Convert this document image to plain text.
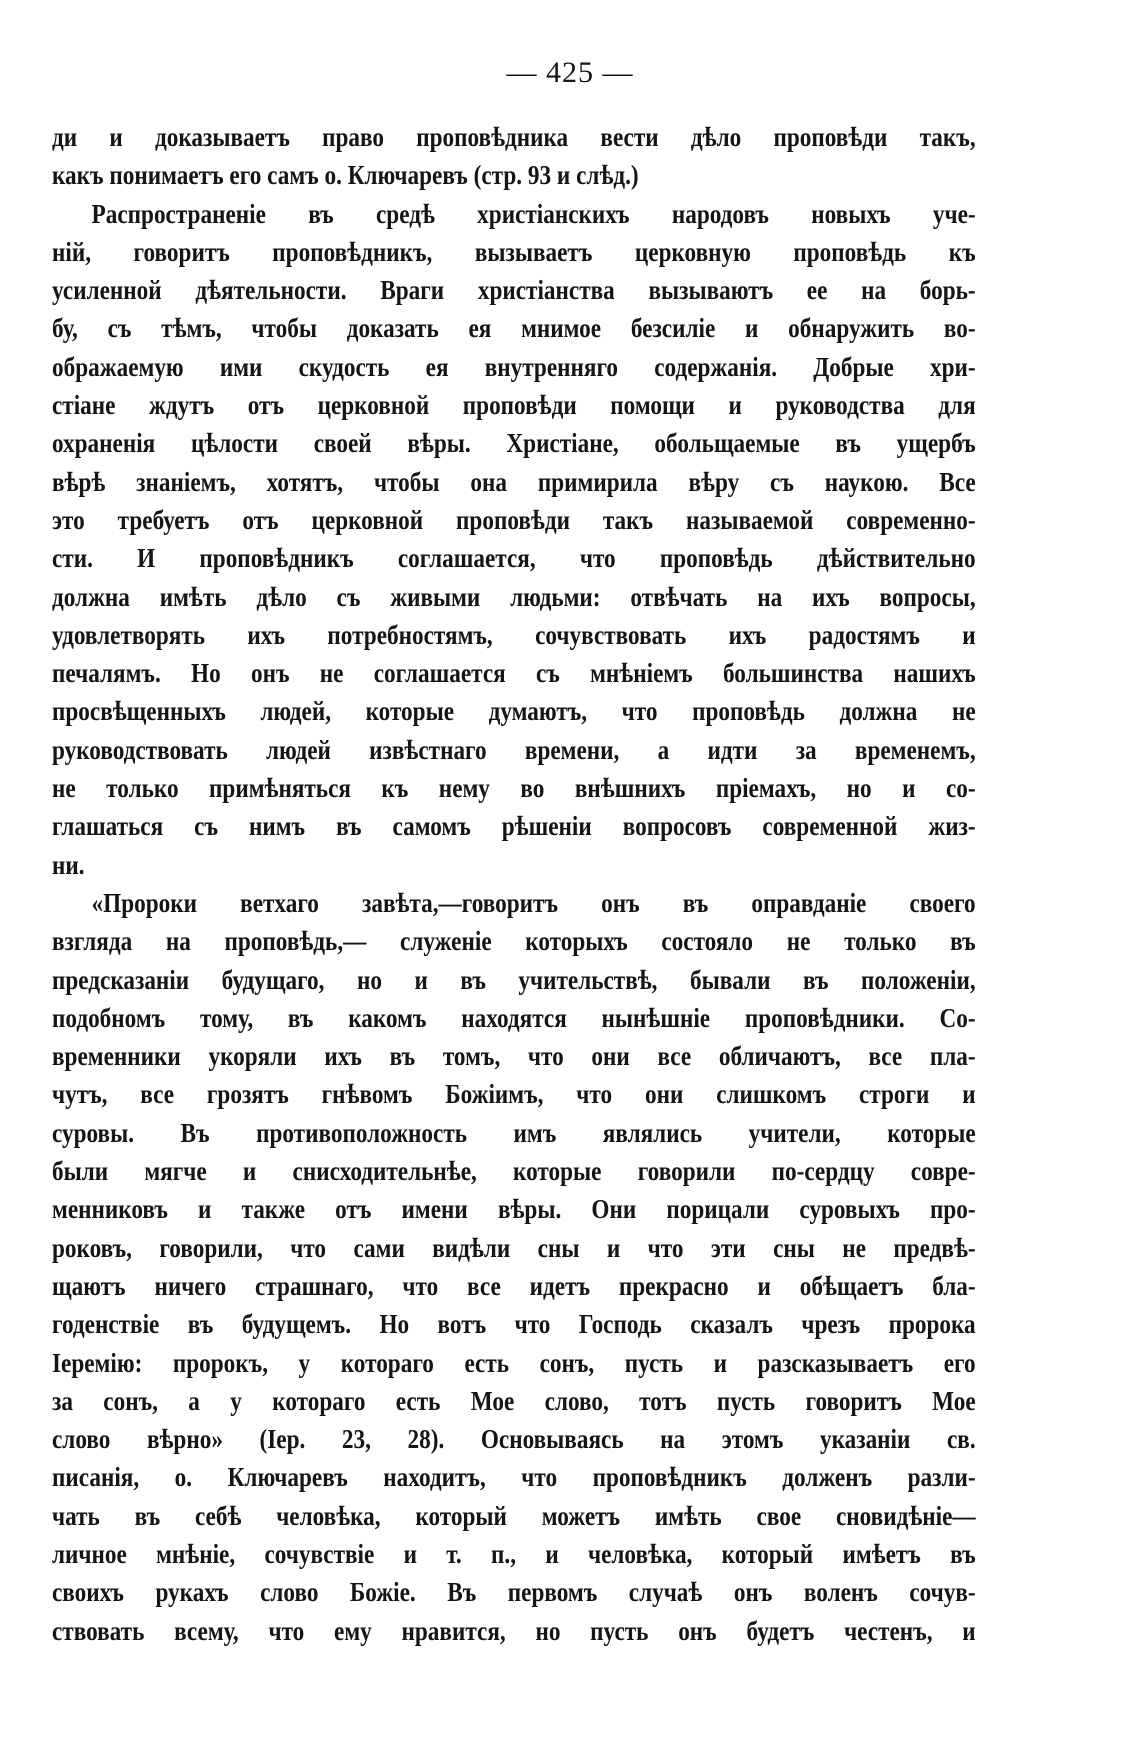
— 425 —
ди и доказываетъ право проповѣдника вести дѣло проповѣди такъ,
какъ понимаетъ его самъ о. Ключаревъ (стр. 93 и слѣд.)
Распространеніе въ средѣ христіанскихъ народовъ новыхъ уче-
ній, говоритъ проповѣдникъ, вызываетъ церковную проповѣдь къ
усиленной дѣятельности. Враги христіанства вызываютъ ее на борь-
бу, съ тѣмъ, чтобы доказать ея мнимое безсиліе и обнаружить во-
ображаемую ими скудость ея внутренняго содержанія. Добрые хри-
стіане ждутъ отъ церковной проповѣди помощи и руководства для
охраненія цѣлости своей вѣры. Христіане, обольщаемые въ ущербъ
вѣрѣ знаніемъ, хотятъ, чтобы она примирила вѣру съ наукою. Все
это требуетъ отъ церковной проповѣди такъ называемой современно-
сти. И проповѣдникъ соглашается, что проповѣдь дѣйствительно
должна имѣть дѣло съ живыми людьми: отвѣчать на ихъ вопросы,
удовлетворять ихъ потребностямъ, сочувствовать ихъ радостямъ и
печалямъ. Но онъ не соглашается съ мнѣніемъ большинства нашихъ
просвѣщенныхъ людей, которые думаютъ, что проповѣдь должна не
руководствовать людей извѣстнаго времени, а идти за временемъ,
не только примѣняться къ нему во внѣшнихъ пріемахъ, но и со-
глашаться съ нимъ въ самомъ рѣшеніи вопросовъ современной жиз-
ни.
«Пророки ветхаго завѣта,—говоритъ онъ въ оправданіе своего
взгляда на проповѣдь,— служеніе которыхъ состояло не только въ
предсказаніи будущаго, но и въ учительствѣ, бывали въ положеніи,
подобномъ тому, въ какомъ находятся нынѣшніе проповѣдники. Со-
временники укоряли ихъ въ томъ, что они все обличаютъ, все пла-
чутъ, все грозятъ гнѣвомъ Божіимъ, что они слишкомъ строги и
суровы. Въ противоположность имъ являлись учители, которые
были мягче и снисходительнѣе, которые говорили по-сердцу совре-
менниковъ и также отъ имени вѣры. Они порицали суровыхъ про-
роковъ, говорили, что сами видѣли сны и что эти сны не предвѣ-
щаютъ ничего страшнаго, что все идетъ прекрасно и обѣщаетъ бла-
годенствіе въ будущемъ. Но вотъ что Господь сказалъ чрезъ пророка
Іеремію: пророкъ, у котораго есть сонъ, пусть и разсказываетъ его
за сонъ, а у котораго есть Мое слово, тотъ пусть говоритъ Мое
слово вѣрно» (Іер. 23, 28). Основываясь на этомъ указаніи св.
писанія, о. Ключаревъ находитъ, что проповѣдникъ долженъ разли-
чать въ себѣ человѣка, который можетъ имѣть свое сновидѣніе—
личное мнѣніе, сочувствіе и т. п., и человѣка, который имѣетъ въ
своихъ рукахъ слово Божіе. Въ первомъ случаѣ онъ воленъ сочув-
ствовать всему, что ему нравится, но пусть онъ будетъ честенъ, и
